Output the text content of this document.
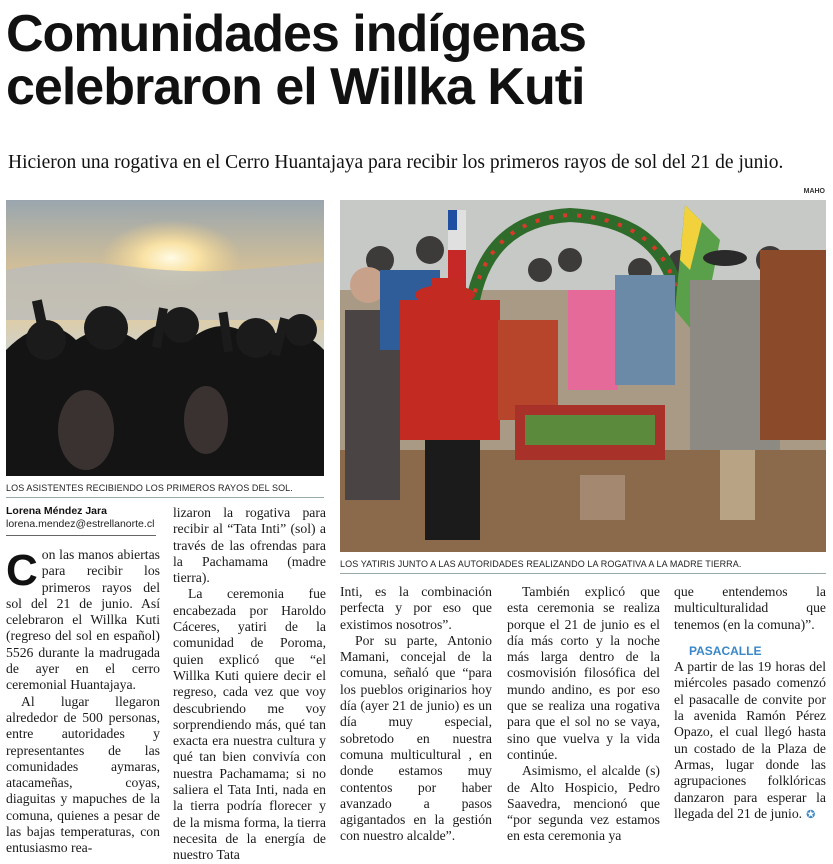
Comunidades indígenas celebraron el Willka Kuti
Hicieron una rogativa en el Cerro Huantajaya para recibir los primeros rayos de sol del 21 de junio.
MAHO
LOS ASISTENTES RECIBIENDO LOS PRIMEROS RAYOS DEL SOL.
LOS YATIRIS JUNTO A LAS AUTORIDADES REALIZANDO LA ROGATIVA A LA MADRE TIERRA.
Lorena Méndez Jara
lorena.mendez@estrellanorte.cl

Con las manos abiertas para recibir los primeros rayos del sol del 21 de junio. Así celebraron el Willka Kuti (regreso del sol en español) 5526 durante la madrugada de ayer en el cerro ceremonial Huantajaya.

Al lugar llegaron alrededor de 500 personas, entre autoridades y representantes de las comunidades aymaras, atacameñas, coyas, diaguitas y mapuches de la comuna, quienes a pesar de las bajas temperaturas, con entusiasmo rea-

lizaron la rogativa para recibir al “Tata Inti” (sol) a través de las ofrendas para la Pachamama (madre tierra).

La ceremonia fue encabezada por Haroldo Cáceres, yatiri de la comunidad de Poroma, quien explicó que “el Willka Kuti quiere decir el regreso, cada vez que voy descubriendo me voy sorprendiendo más, qué tan exacta era nuestra cultura y qué tan bien convivía con nuestra Pachamama; si no saliera el Tata Inti, nada en la tierra podría florecer y de la misma forma, la tierra necesita de la energía de nuestro Tata

Inti, es la combinación perfecta y por eso que existimos nosotros”.

Por su parte, Antonio Mamani, concejal de la comuna, señaló que “para los pueblos originarios hoy día (ayer 21 de junio) es un día muy especial, sobretodo en nuestra comuna multicultural , en donde estamos muy contentos por haber avanzado a pasos agigantados en la gestión con nuestro alcalde”.

También explicó que esta ceremonia se realiza porque el 21 de junio es el día más corto y la noche más larga dentro de la cosmovisión filosófica del mundo andino, es por eso que se realiza una rogativa para que el sol no se vaya, sino que vuelva y la vida continúe.

Asimismo, el alcalde (s) de Alto Hospicio, Pedro Saavedra, mencionó que “por segunda vez estamos en esta ceremonia ya

que entendemos la multiculturalidad que tenemos (en la comuna)”.

PASACALLE

A partir de las 19 horas del miércoles pasado comenzó el pasacalle de convite por la avenida Ramón Pérez Opazo, el cual llegó hasta un costado de la Plaza de Armas, lugar donde las agrupaciones folklóricas danzaron para esperar la llegada del 21 de junio. ✪
